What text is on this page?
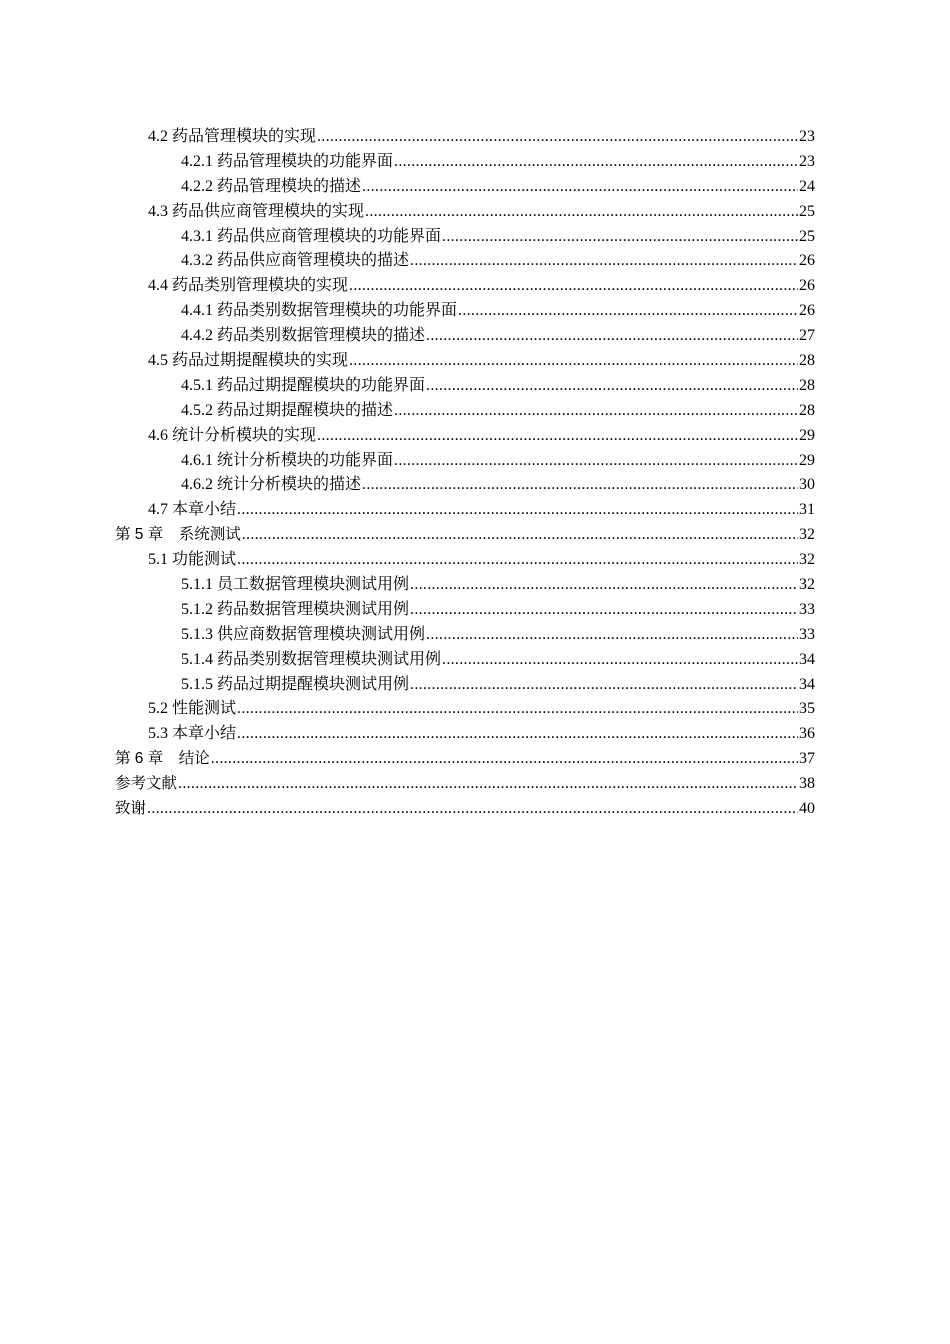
4.2 药品管理模块的实现 .....	23
4.2.1 药品管理模块的功能界面 .....	23
4.2.2 药品管理模块的描述 .....	24
4.3 药品供应商管理模块的实现 .....	25
4.3.1 药品供应商管理模块的功能界面 .....	25
4.3.2 药品供应商管理模块的描述 .....	26
4.4 药品类别管理模块的实现 .....	26
4.4.1 药品类别数据管理模块的功能界面 .....	26
4.4.2 药品类别数据管理模块的描述 .....	27
4.5 药品过期提醒模块的实现 .....	28
4.5.1 药品过期提醒模块的功能界面 .....	28
4.5.2 药品过期提醒模块的描述 .....	28
4.6 统计分析模块的实现 .....	29
4.6.1 统计分析模块的功能界面 .....	29
4.6.2 统计分析模块的描述 .....	30
4.7 本章小结 .....	31
第 5 章　系统测试 .....	32
5.1 功能测试 .....	32
5.1.1 员工数据管理模块测试用例 .....	32
5.1.2 药品数据管理模块测试用例 .....	33
5.1.3 供应商数据管理模块测试用例 .....	33
5.1.4 药品类别数据管理模块测试用例 .....	34
5.1.5 药品过期提醒模块测试用例 .....	34
5.2 性能测试 .....	35
5.3 本章小结 .....	36
第 6 章　结论 .....	37
参考文献 .....	38
致谢 .....	40
